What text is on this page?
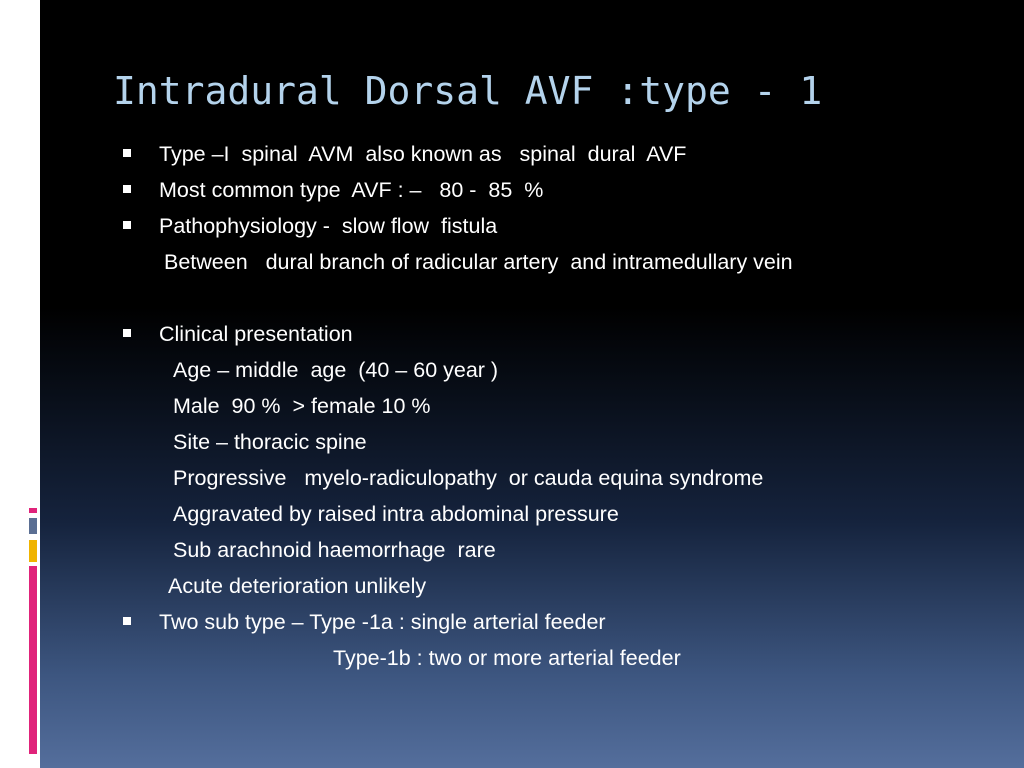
Intradural Dorsal AVF :type - 1
Type –I  spinal  AVM  also known as   spinal  dural  AVF
Most common type  AVF : –   80 -  85  %
Pathophysiology -  slow flow  fistula
Between   dural branch of radicular artery  and intramedullary vein
Clinical presentation
Age – middle  age  (40 – 60 year )
Male  90 %  > female 10 %
Site – thoracic spine
Progressive   myelo-radiculopathy  or cauda equina syndrome
Aggravated by raised intra abdominal pressure
Sub arachnoid haemorrhage  rare
Acute deterioration unlikely
Two sub type – Type -1a : single arterial feeder
Type-1b : two or more arterial feeder
